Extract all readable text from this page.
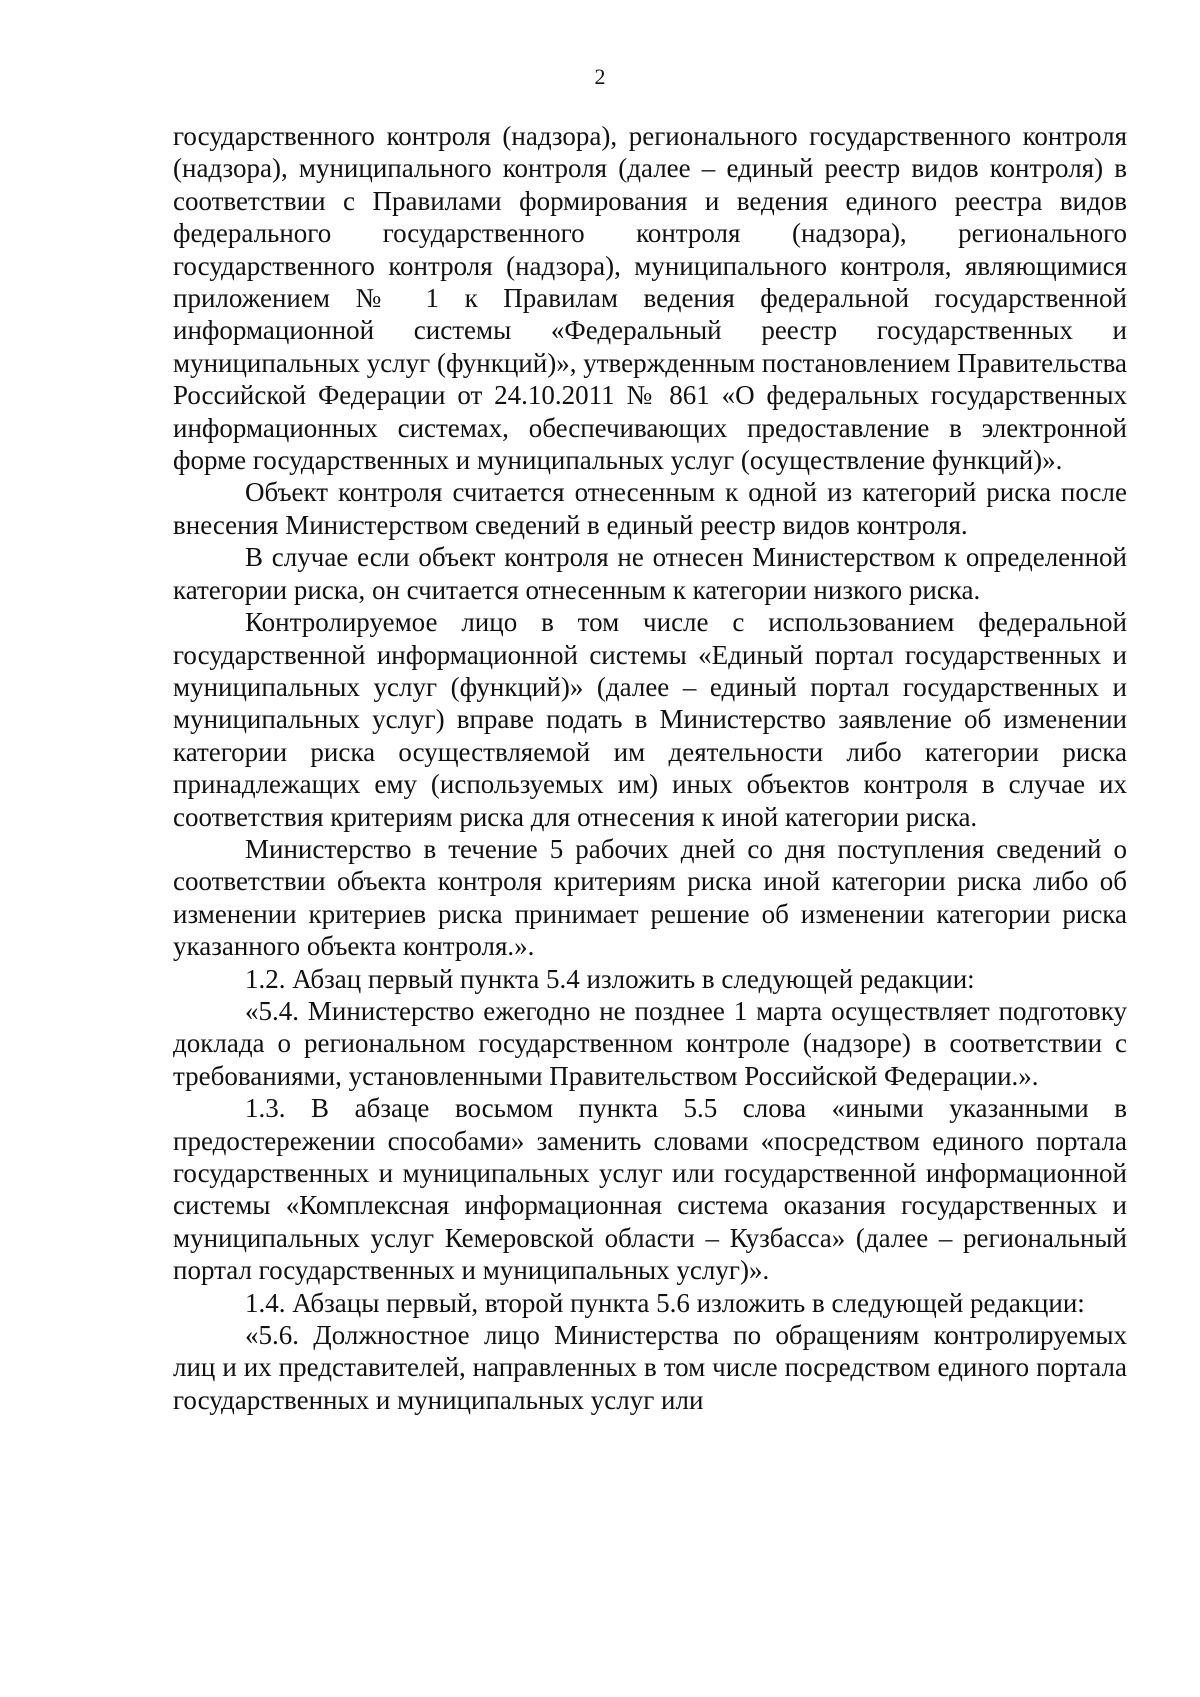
2

государственного контроля (надзора), регионального государственного контроля (надзора), муниципального контроля (далее – единый реестр видов контроля) в соответствии с Правилами формирования и ведения единого реестра видов федерального государственного контроля (надзора), регионального государственного контроля (надзора), муниципального контроля, являющимися приложением № 1 к Правилам ведения федеральной государственной информационной системы «Федеральный реестр государственных и муниципальных услуг (функций)», утвержденным постановлением Правительства Российской Федерации от 24.10.2011 № 861 «О федеральных государственных информационных системах, обеспечивающих предоставление в электронной форме государственных и муниципальных услуг (осуществление функций)».

Объект контроля считается отнесенным к одной из категорий риска после внесения Министерством сведений в единый реестр видов контроля.

В случае если объект контроля не отнесен Министерством к определенной категории риска, он считается отнесенным к категории низкого риска.

Контролируемое лицо в том числе с использованием федеральной государственной информационной системы «Единый портал государственных и муниципальных услуг (функций)» (далее – единый портал государственных и муниципальных услуг) вправе подать в Министерство заявление об изменении категории риска осуществляемой им деятельности либо категории риска принадлежащих ему (используемых им) иных объектов контроля в случае их соответствия критериям риска для отнесения к иной категории риска.

Министерство в течение 5 рабочих дней со дня поступления сведений о соответствии объекта контроля критериям риска иной категории риска либо об изменении критериев риска принимает решение об изменении категории риска указанного объекта контроля.».

1.2. Абзац первый пункта 5.4 изложить в следующей редакции:

«5.4. Министерство ежегодно не позднее 1 марта осуществляет подготовку доклада о региональном государственном контроле (надзоре) в соответствии с требованиями, установленными Правительством Российской Федерации.».

1.3. В абзаце восьмом пункта 5.5 слова «иными указанными в предостережении способами» заменить словами «посредством единого портала государственных и муниципальных услуг или государственной информационной системы «Комплексная информационная система оказания государственных и муниципальных услуг Кемеровской области – Кузбасса» (далее – региональный портал государственных и муниципальных услуг)».

1.4. Абзацы первый, второй пункта 5.6 изложить в следующей редакции:

«5.6. Должностное лицо Министерства по обращениям контролируемых лиц и их представителей, направленных в том числе посредством единого портала государственных и муниципальных услуг или
